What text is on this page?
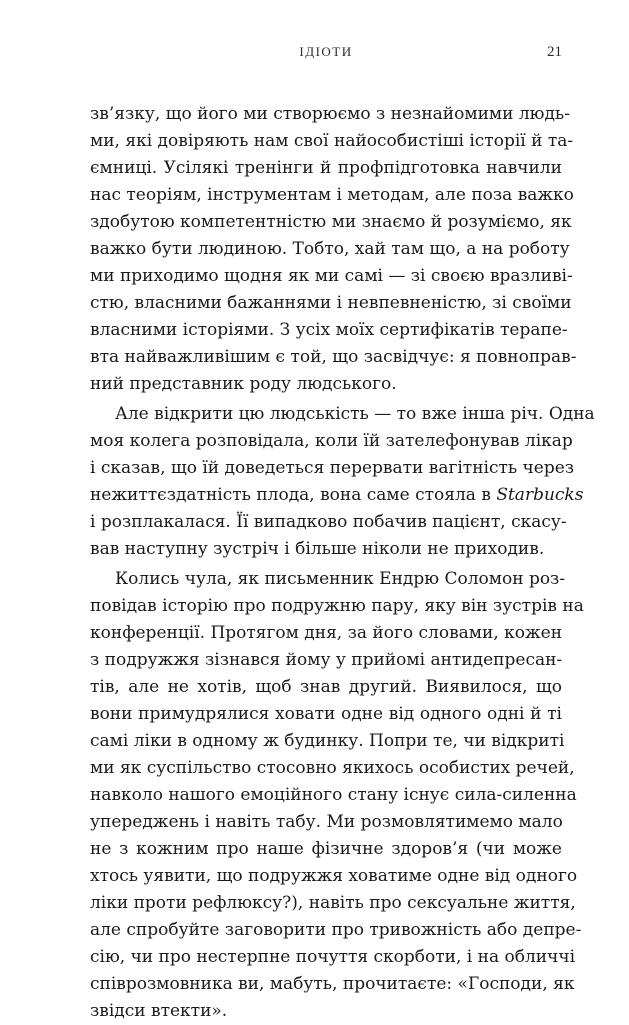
ІДІОТИ	21
зв’язку, що його ми створюємо з незнайомими людь-
ми, які довіряють нам свої найособистіші історії й та-
ємниці. Усілякі тренінги й профпідготовка навчили
нас теоріям, інструментам і методам, але поза важко
здобутою компетентністю ми знаємо й розуміємо, як
важко бути людиною. Тобто, хай там що, а на роботу
ми приходимо щодня як ми самі — зі своєю вразливі-
стю, власними бажаннями і невпевненістю, зі своїми
власними історіями. З усіх моїх сертифікатів терапе-
вта найважливішим є той, що засвідчує: я повноправ-
ний представник роду людського.
Але відкрити цю людськість — то вже інша річ. Одна
моя колега розповідала, коли їй зателефонував лікар
і сказав, що їй доведеться перервати вагітність через
нежиттєздатність плода, вона саме стояла в Starbucks
і розплакалася. Її випадково побачив пацієнт, скасу-
вав наступну зустріч і більше ніколи не приходив.
Колись чула, як письменник Ендрю Соломон роз-
повідав історію про подружню пару, яку він зустрів на
конференції. Протягом дня, за його словами, кожен
з подружжя зізнався йому у прийомі антидепресан-
тів, але не хотів, щоб знав другий. Виявилося, що
вони примудрялися ховати одне від одного одні й ті
самі ліки в одному ж будинку. Попри те, чи відкриті
ми як суспільство стосовно якихось особистих речей,
навколо нашого емоційного стану існує сила-силенна
упереджень і навіть табу. Ми розмовлятимемо мало
не з кожним про наше фізичне здоров’я (чи може
хтось уявити, що подружжя ховатиме одне від одного
ліки проти рефлюксу?), навіть про сексуальне життя,
але спробуйте заговорити про тривожність або депре-
сію, чи про нестерпне почуття скорботи, і на обличчі
співрозмовника ви, мабуть, прочитаєте: «Господи, як
звідси втекти».
